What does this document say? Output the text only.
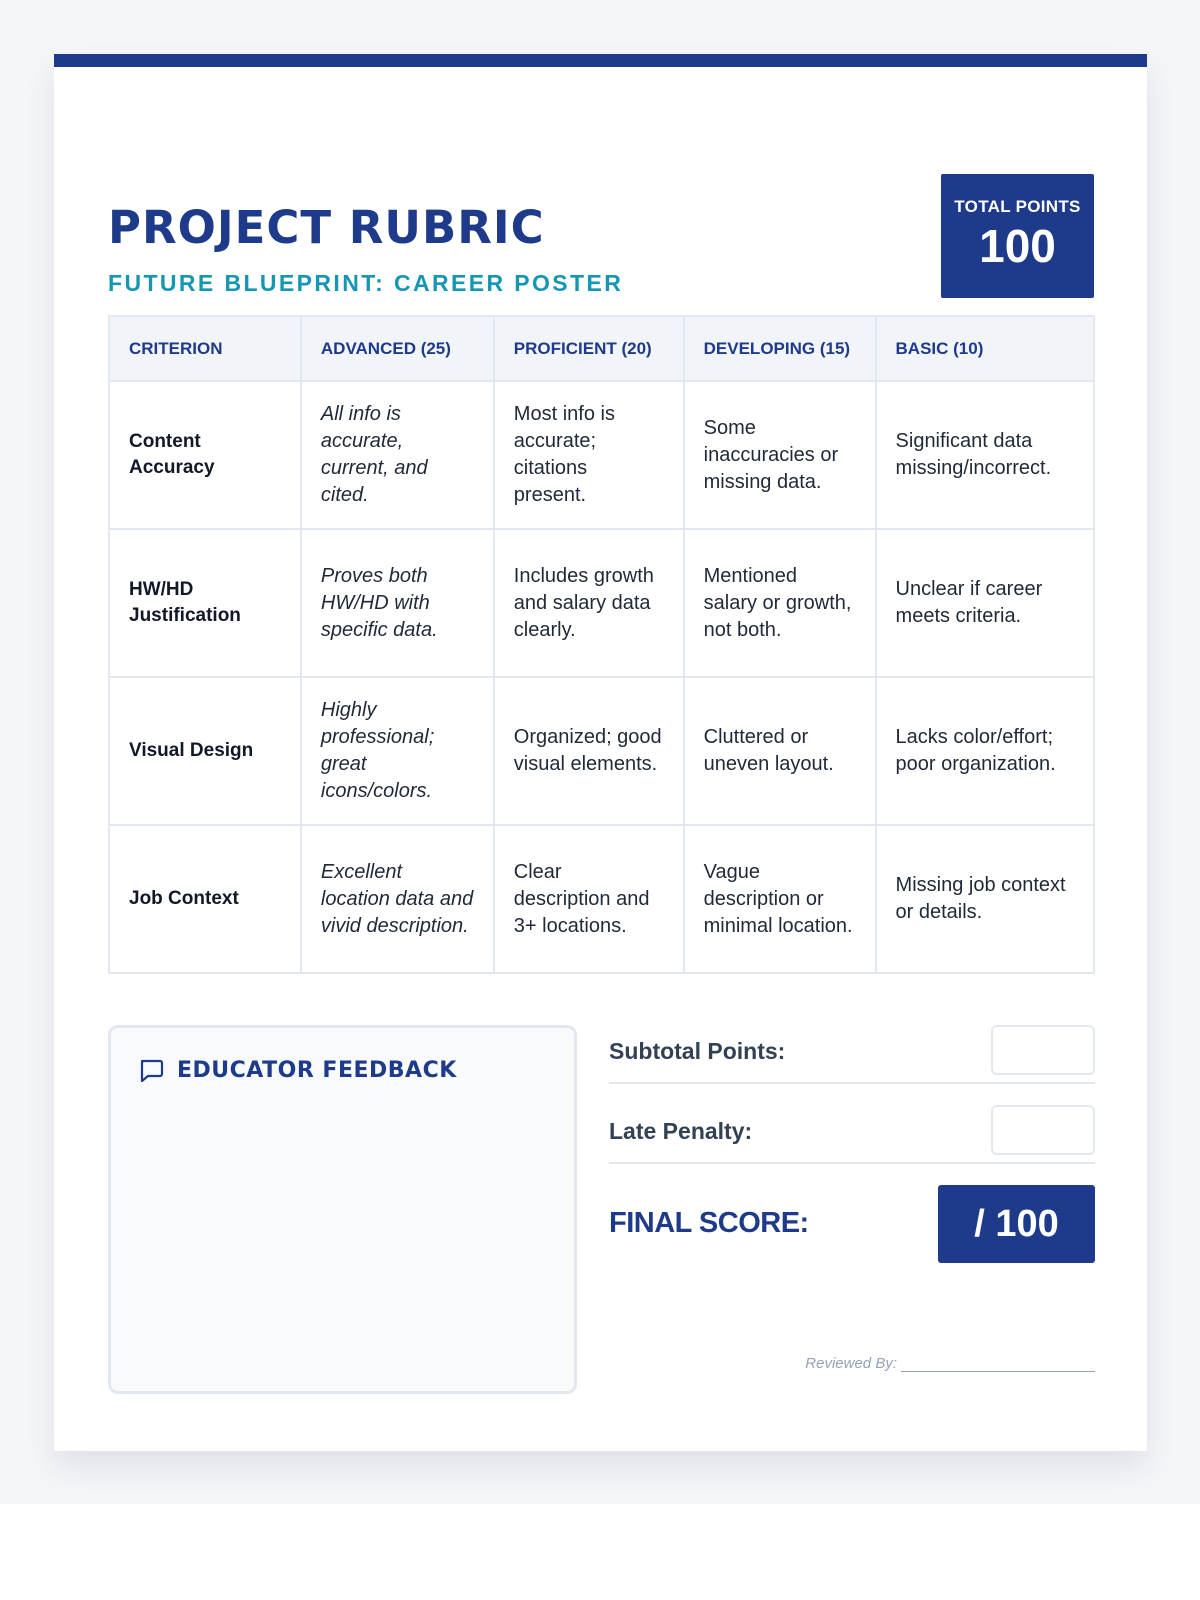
PROJECT RUBRIC
FUTURE BLUEPRINT: CAREER POSTER
TOTAL POINTS
100
CRITERION	ADVANCED (25)	PROFICIENT (20)	DEVELOPING (15)	BASIC (10)
Content Accuracy	All info is accurate, current, and cited.	Most info is accurate; citations present.	Some inaccuracies or missing data.	Significant data missing/incorrect.
HW/HD Justification	Proves both HW/HD with specific data.	Includes growth and salary data clearly.	Mentioned salary or growth, not both.	Unclear if career meets criteria.
Visual Design	Highly professional; great icons/colors.	Organized; good visual elements.	Cluttered or uneven layout.	Lacks color/effort; poor organization.
Job Context	Excellent location data and vivid description.	Clear description and 3+ locations.	Vague description or minimal location.	Missing job context or details.
EDUCATOR FEEDBACK
Subtotal Points:
Late Penalty:
FINAL SCORE:	/ 100
Reviewed By:
